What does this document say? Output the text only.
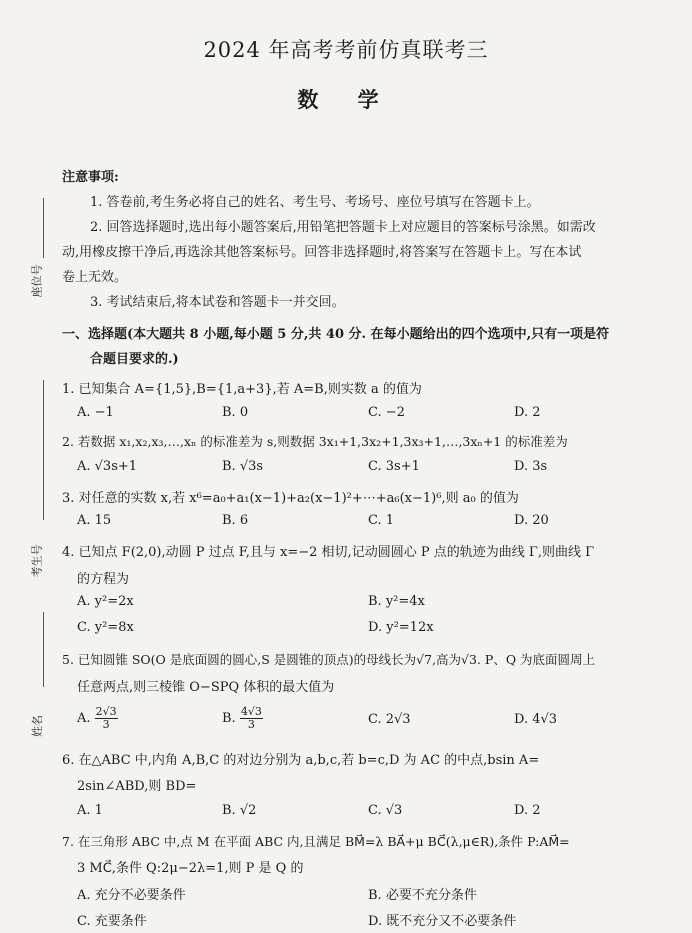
2024 年高考考前仿真联考三
数 学
座位号
考生号
姓名
注意事项:
1. 答卷前,考生务必将自己的姓名、考生号、考场号、座位号填写在答题卡上。
2. 回答选择题时,选出每小题答案后,用铅笔把答题卡上对应题目的答案标号涂黑。如需改
动,用橡皮擦干净后,再选涂其他答案标号。回答非选择题时,将答案写在答题卡上。写在本试
卷上无效。
3. 考试结束后,将本试卷和答题卡一并交回。
一、选择题(本大题共 8 小题,每小题 5 分,共 40 分. 在每小题给出的四个选项中,只有一项是符
合题目要求的.)
1. 已知集合 A={1,5},B={1,a+3},若 A=B,则实数 a 的值为
A. −1	B. 0	C. −2	D. 2
2. 若数据 x₁,x₂,x₃,…,xₙ 的标准差为 s,则数据 3x₁+1,3x₂+1,3x₃+1,…,3xₙ+1 的标准差为
A. √3s+1	B. √3s	C. 3s+1	D. 3s
3. 对任意的实数 x,若 x⁶=a₀+a₁(x−1)+a₂(x−1)²+⋯+a₆(x−1)⁶,则 a₀ 的值为
A. 15	B. 6	C. 1	D. 20
4. 已知点 F(2,0),动圆 P 过点 F,且与 x=−2 相切,记动圆圆心 P 点的轨迹为曲线 Γ,则曲线 Γ
的方程为
A. y²=2x	B. y²=4x
C. y²=8x	D. y²=12x
5. 已知圆锥 SO(O 是底面圆的圆心,S 是圆锥的顶点)的母线长为√7,高为√3. P、Q 为底面圆周上
任意两点,则三棱锥 O−SPQ 体积的最大值为
A. $\frac{2√3}{3}$	B. $\frac{4√3}{3}$	C. 2√3	D. 4√3
6. 在△ABC 中,内角 A,B,C 的对边分别为 a,b,c,若 b=c,D 为 AC 的中点,bsin A=
2sin∠ABD,则 BD=
A. 1	B. √2	C. √3	D. 2
7. 在三角形 ABC 中,点 M 在平面 ABC 内,且满足 BM⃗=λ BA⃗+μ BC⃗(λ,μ∈R),条件 P:AM⃗=
3 MC⃗,条件 Q:2μ−2λ=1,则 P 是 Q 的
A. 充分不必要条件	B. 必要不充分条件
C. 充要条件	D. 既不充分又不必要条件
